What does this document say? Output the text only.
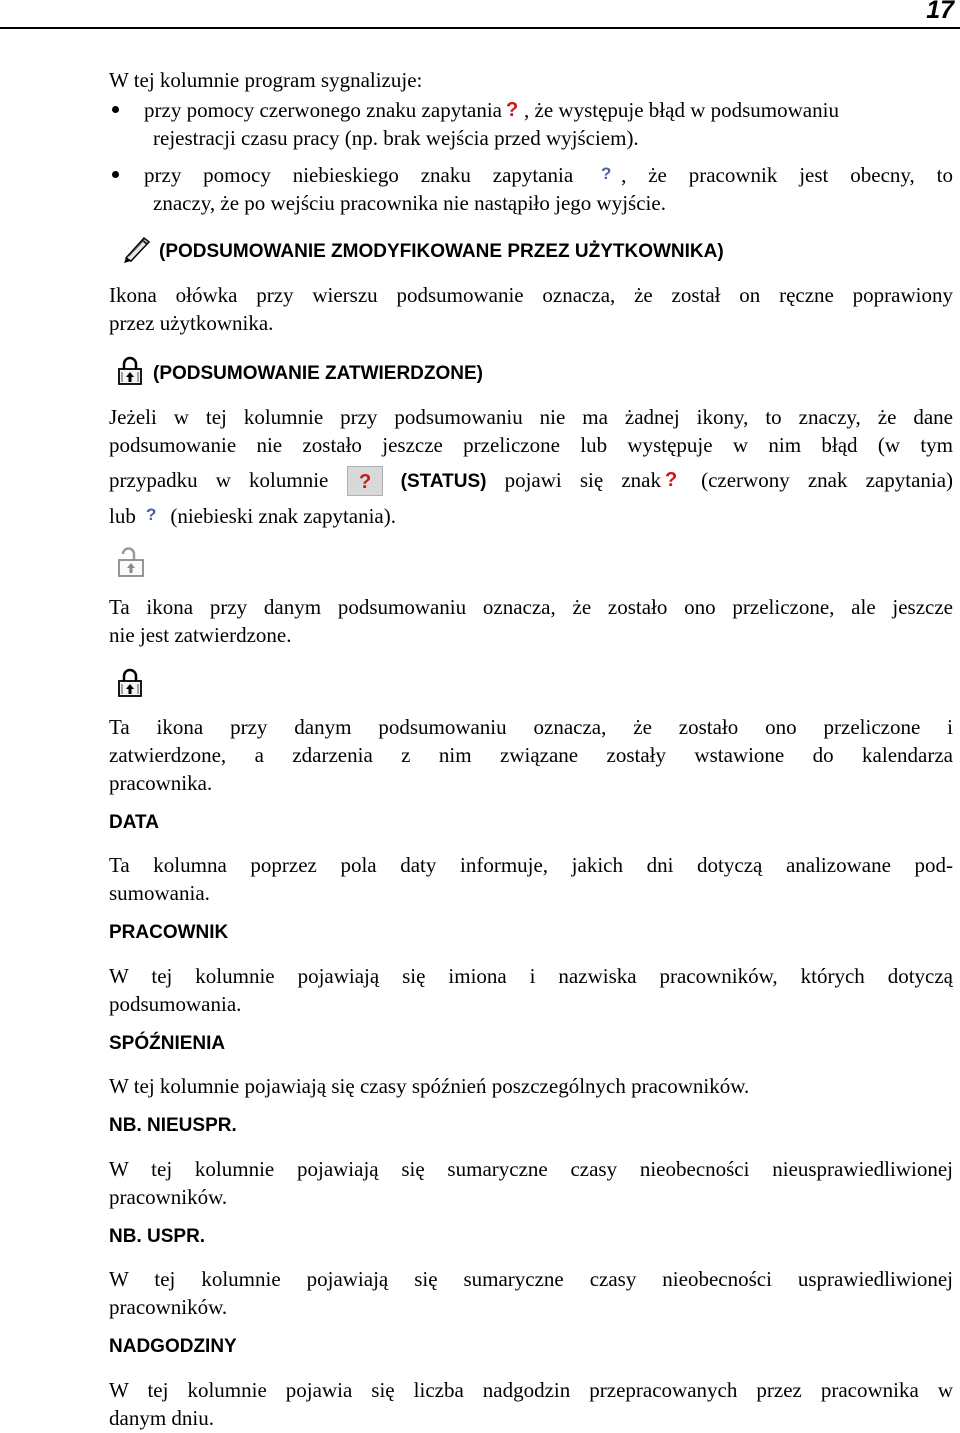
17
W tej kolumnie program sygnalizuje:
przy pomocy czerwonego znaku zapytania ? , że występuje błąd w podsumowaniu
rejestracji czasu pracy (np. brak wejścia przed wyjściem).
przy pomocy niebieskiego znaku zapytania ? , że pracownik jest obecny, to
znaczy, że po wejściu pracownika nie nastąpiło jego wyjście.
(PODSUMOWANIE ZMODYFIKOWANE PRZEZ UŻYTKOWNIKA)
Ikona ołówka przy wierszu podsumowanie oznacza, że został on ręczne poprawiony
przez użytkownika.
(PODSUMOWANIE ZATWIERDZONE)
Jeżeli w tej kolumnie przy podsumowaniu nie ma żadnej ikony, to znaczy, że dane
podsumowanie nie zostało jeszcze przeliczone lub występuje w nim błąd (w tym
przypadku w kolumnie ? (STATUS) pojawi się znak ? (czerwony znak zapytania)
lub ? (niebieski znak zapytania).
Ta ikona przy danym podsumowaniu oznacza, że zostało ono przeliczone, ale jeszcze
nie jest zatwierdzone.
Ta ikona przy danym podsumowaniu oznacza, że zostało ono przeliczone i
zatwierdzone, a zdarzenia z nim związane zostały wstawione do kalendarza
pracownika.
DATA
Ta kolumna poprzez pola daty informuje, jakich dni dotyczą analizowane pod-
sumowania.
PRACOWNIK
W tej kolumnie pojawiają się imiona i nazwiska pracowników, których dotyczą
podsumowania.
SPÓŹNIENIA
W tej kolumnie pojawiają się czasy spóźnień poszczególnych pracowników.
NB. NIEUSPR.
W tej kolumnie pojawiają się sumaryczne czasy nieobecności nieusprawiedliwionej
pracowników.
NB. USPR.
W tej kolumnie pojawiają się sumaryczne czasy nieobecności usprawiedliwionej
pracowników.
NADGODZINY
W tej kolumnie pojawia się liczba nadgodzin przepracowanych przez pracownika w
danym dniu.
